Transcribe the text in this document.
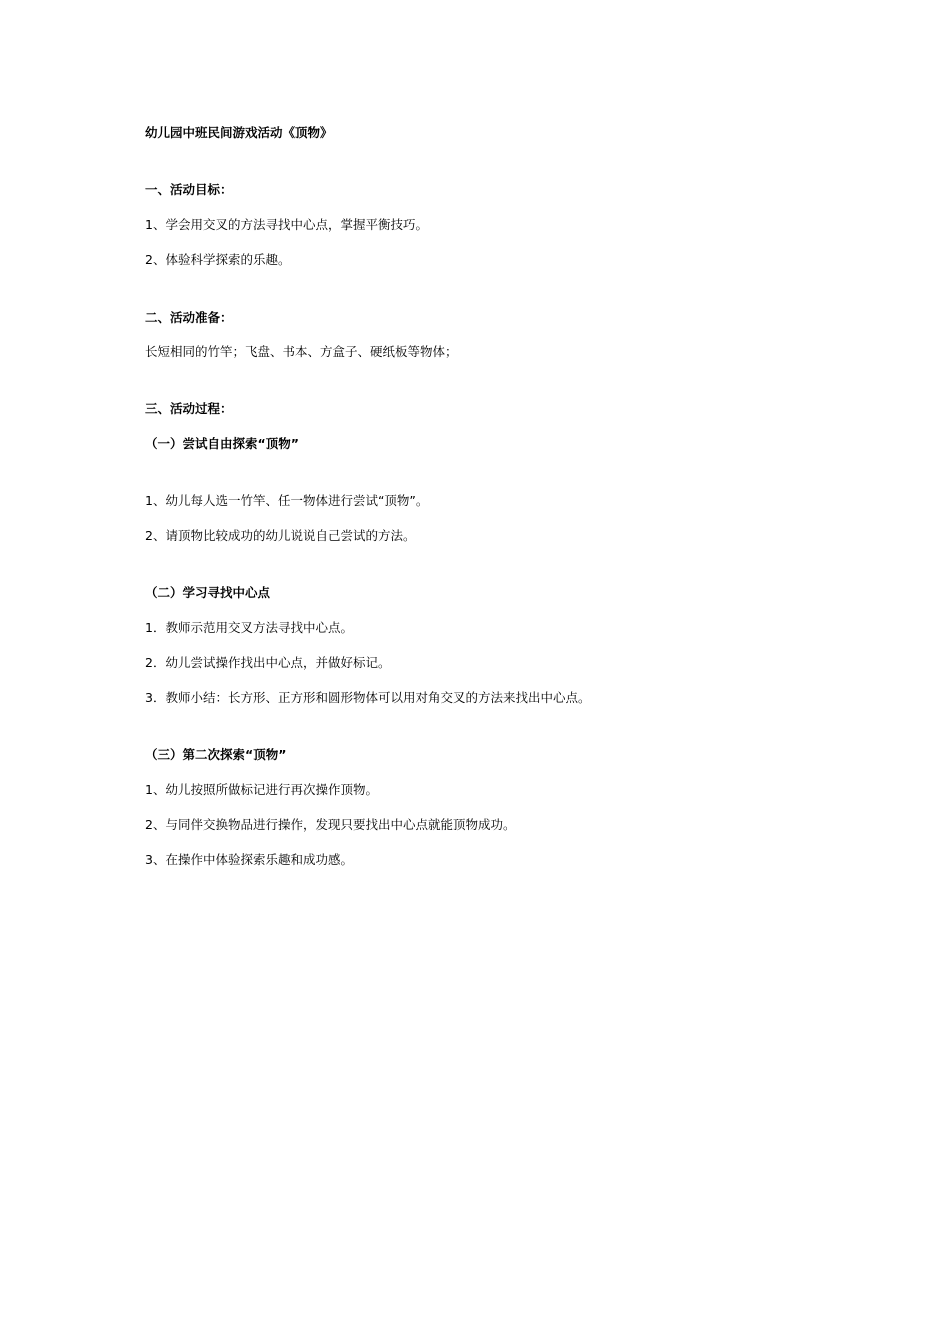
幼儿园中班民间游戏活动《顶物》
一、活动目标：
1、学会用交叉的方法寻找中心点，掌握平衡技巧。
2、体验科学探索的乐趣。
二、活动准备：
长短相同的竹竿；飞盘、书本、方盒子、硬纸板等物体；
三、活动过程：
（一）尝试自由探索“顶物”
1、幼儿每人选一竹竿、任一物体进行尝试“顶物”。
2、请顶物比较成功的幼儿说说自己尝试的方法。
（二）学习寻找中心点
1．教师示范用交叉方法寻找中心点。
2．幼儿尝试操作找出中心点，并做好标记。
3．教师小结：长方形、正方形和圆形物体可以用对角交叉的方法来找出中心点。
（三）第二次探索“顶物”
1、幼儿按照所做标记进行再次操作顶物。
2、与同伴交换物品进行操作，发现只要找出中心点就能顶物成功。
3、在操作中体验探索乐趣和成功感。
